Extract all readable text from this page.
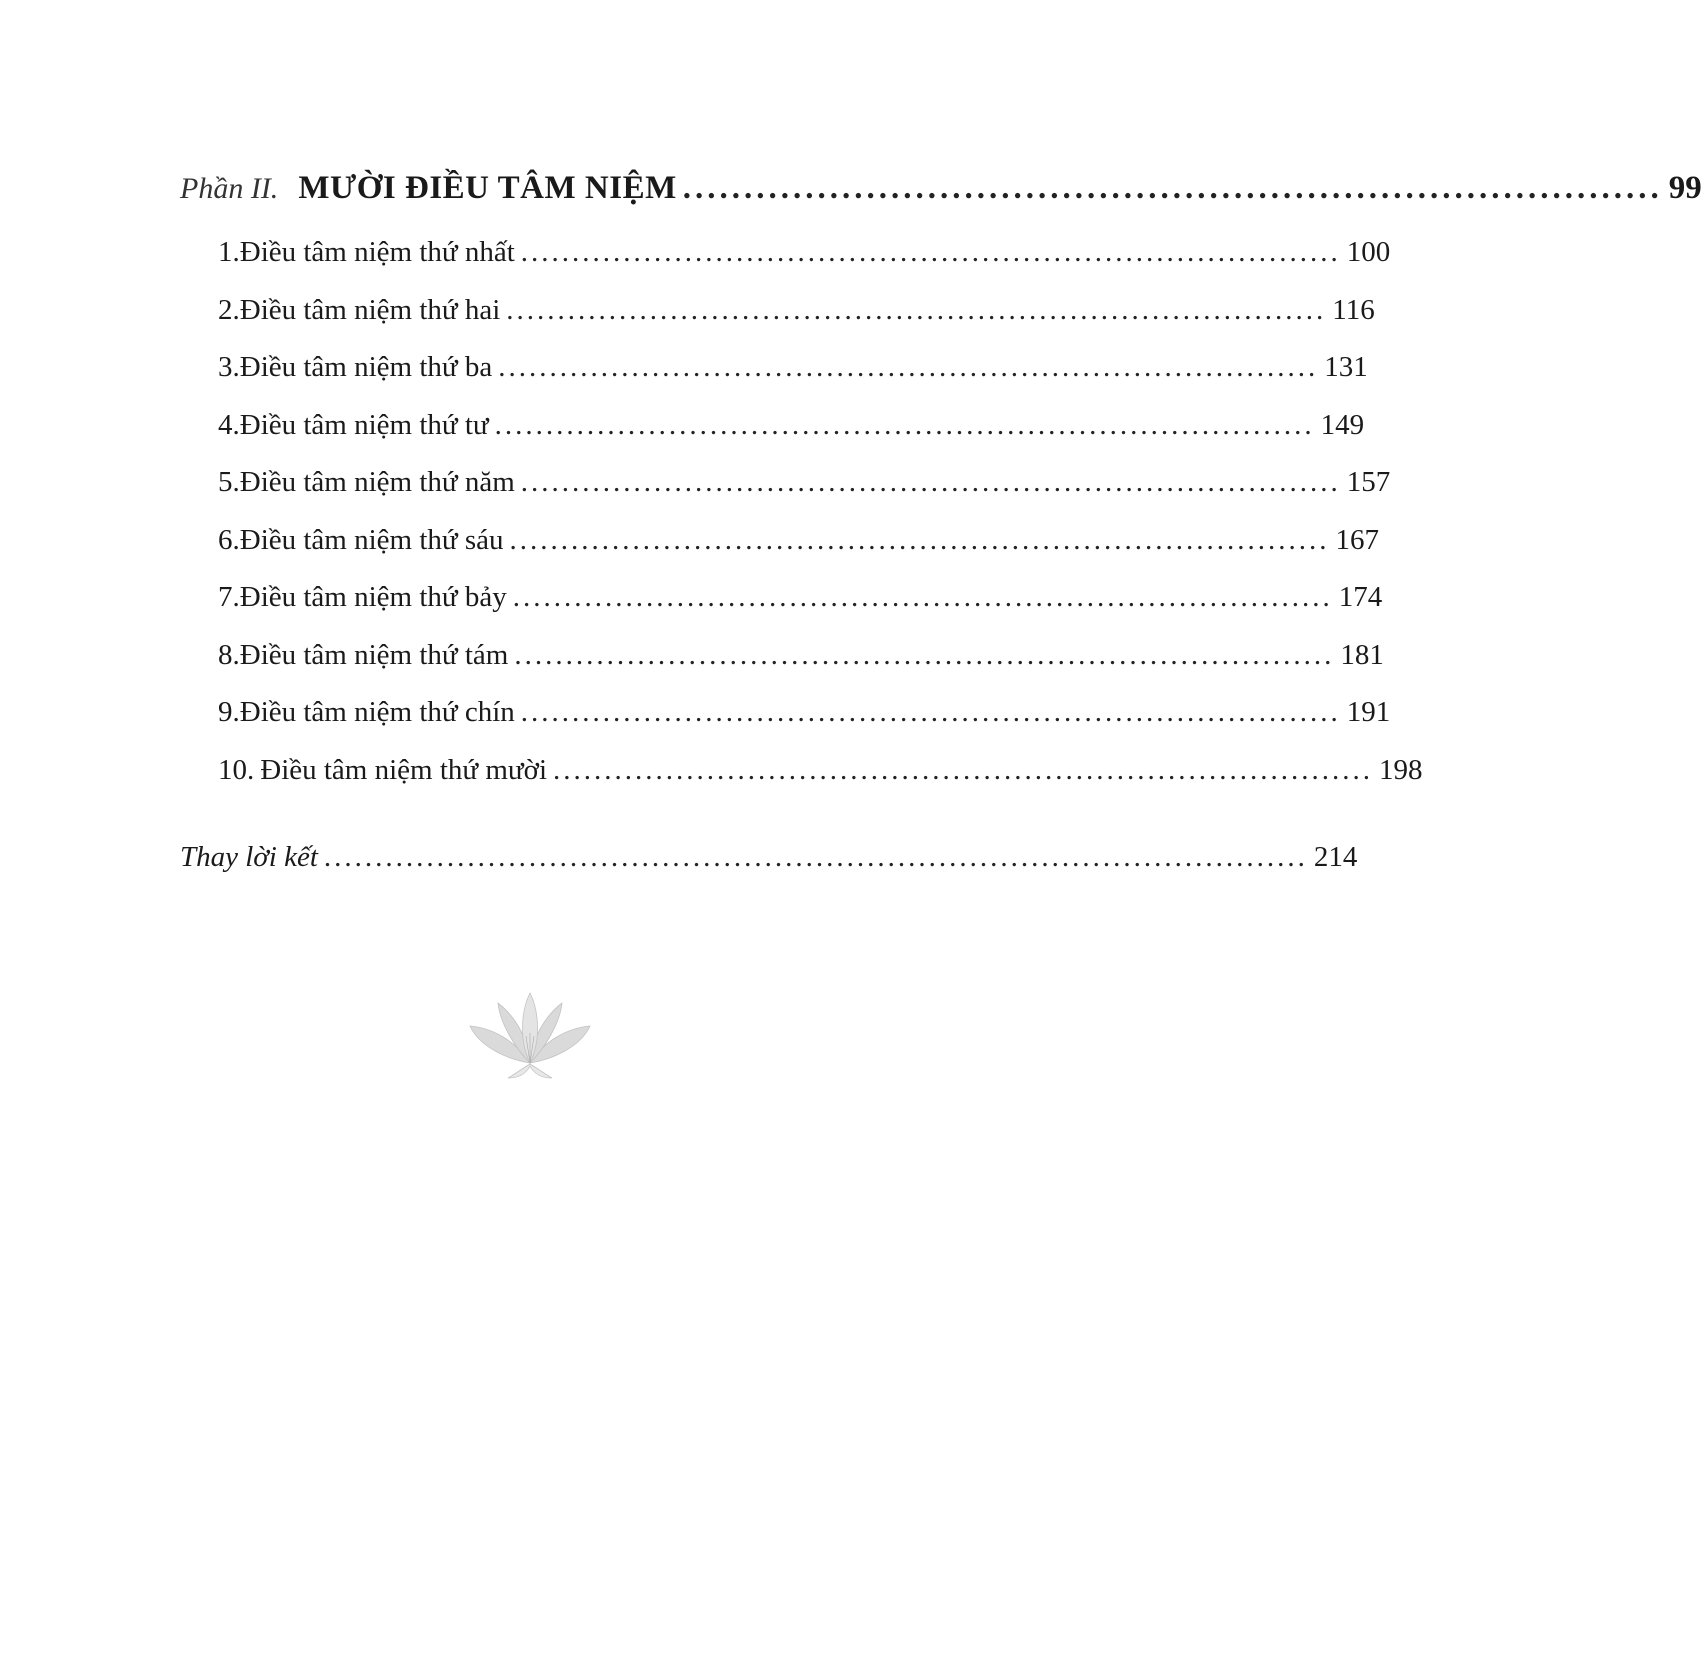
Phần II. MƯỜI ĐIỀU TÂM NIỆM ................................................................................ 99
1. Điều tâm niệm thứ nhất ................................................................................ 100
2. Điều tâm niệm thứ hai ................................................................................ 116
3. Điều tâm niệm thứ ba ................................................................................ 131
4. Điều tâm niệm thứ tư ................................................................................ 149
5. Điều tâm niệm thứ năm ................................................................................ 157
6. Điều tâm niệm thứ sáu ................................................................................ 167
7. Điều tâm niệm thứ bảy ................................................................................ 174
8. Điều tâm niệm thứ tám ................................................................................ 181
9. Điều tâm niệm thứ chín ................................................................................ 191
10. Điều tâm niệm thứ mười ................................................................................ 198
Thay lời kết ................................................................................................ 214
